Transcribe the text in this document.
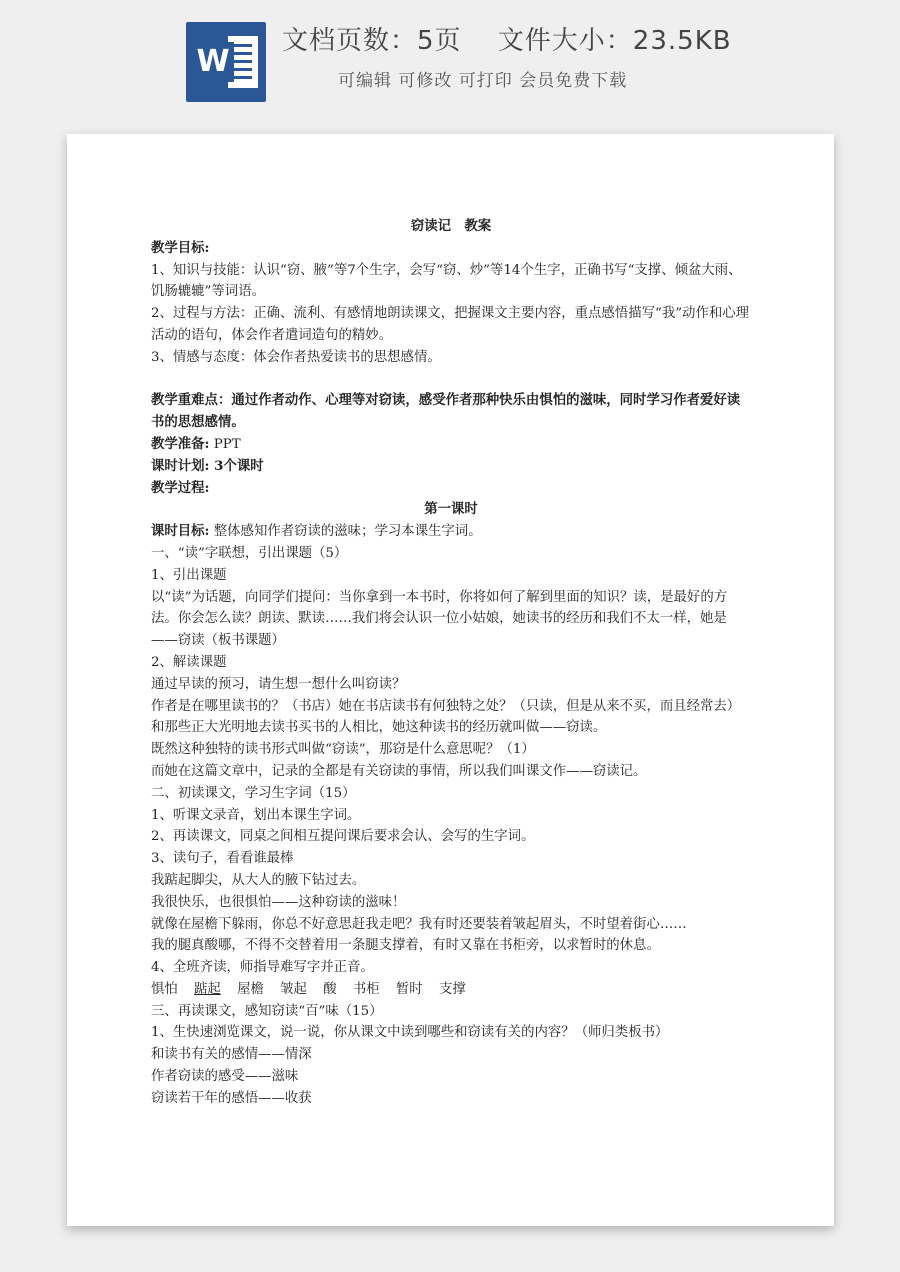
W
文档页数：5页　 文件大小：23.5KB
可编辑 可修改 可打印 会员免费下载

窃读记　教案

教学目标:

1、知识与技能：认识“窃、腋”等7个生字，会写“窃、炒”等14个生字，正确书写“支撑、倾盆大雨、饥肠辘辘”等词语。

2、过程与方法：正确、流利、有感情地朗读课文，把握课文主要内容，重点感悟描写“我”动作和心理活动的语句，体会作者遣词造句的精妙。

3、情感与态度：体会作者热爱读书的思想感情。

教学重难点：通过作者动作、心理等对窃读，感受作者那种快乐由惧怕的滋味，同时学习作者爱好读书的思想感情。

教学准备: PPT

课时计划: 3个课时

教学过程:

第一课时

课时目标: 整体感知作者窃读的滋味；学习本课生字词。

一、“读”字联想，引出课题（5）

1、引出课题

以“读”为话题，向同学们提问：当你拿到一本书时，你将如何了解到里面的知识？读，是最好的方法。你会怎么读？朗读、默读……我们将会认识一位小姑娘，她读书的经历和我们不太一样，她是——窃读（板书课题）

2、解读课题

通过早读的预习，请生想一想什么叫窃读？

作者是在哪里读书的？（书店）她在书店读书有何独特之处？（只读，但是从来不买，而且经常去）和那些正大光明地去读书买书的人相比，她这种读书的经历就叫做——窃读。

既然这种独特的读书形式叫做“窃读”，那窃是什么意思呢？（1）

而她在这篇文章中，记录的全都是有关窃读的事情，所以我们叫课文作——窃读记。

二、初读课文，学习生字词（15）

1、听课文录音，划出本课生字词。

2、再读课文，同桌之间相互提问课后要求会认、会写的生字词。

3、读句子，看看谁最棒

我踮起脚尖，从大人的腋下钻过去。

我很快乐，也很惧怕——这种窃读的滋味！

就像在屋檐下躲雨，你总不好意思赶我走吧？我有时还要装着皱起眉头，不时望着街心……

我的腿真酸哪，不得不交替着用一条腿支撑着，有时又靠在书柜旁，以求暂时的休息。

4、全班齐读，师指导难写字并正音。

惧怕 踮起 屋檐 皱起 酸 书柜 暂时 支撑

三、再读课文，感知窃读“百”味（15）

1、生快速浏览课文，说一说，你从课文中读到哪些和窃读有关的内容？（师归类板书）

和读书有关的感情——情深

作者窃读的感受——滋味

窃读若干年的感悟——收获
